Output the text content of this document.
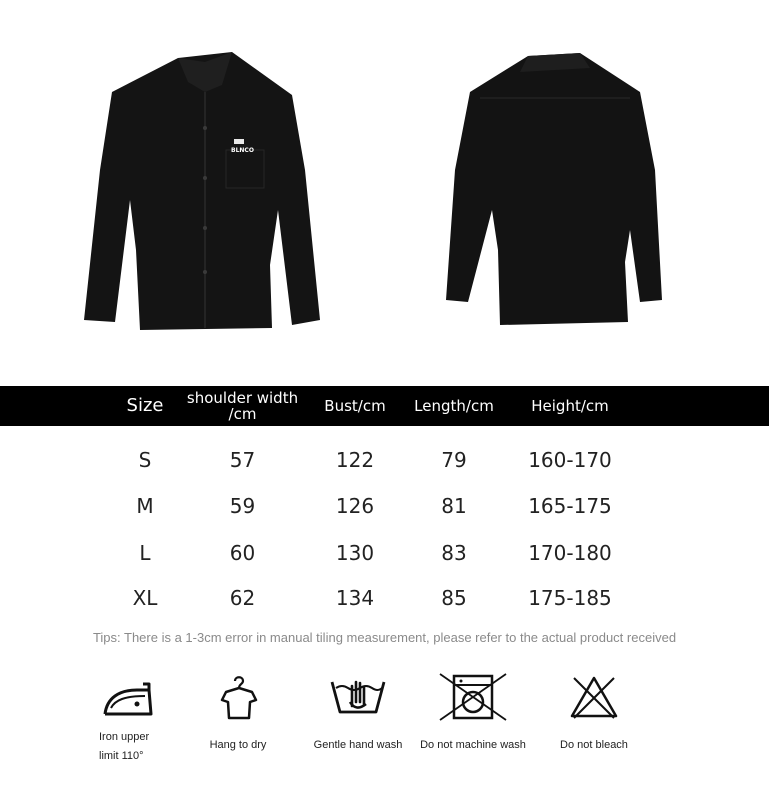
BLNCO
Size	shoulder width /cm	Bust/cm	Length/cm	Height/cm
S	57	122	79	160-170
M	59	126	81	165-175
L	60	130	83	170-180
XL	62	134	85	175-185
Tips: There is a 1-3cm error in manual tiling measurement, please refer to the actual product received
Iron upper
limit 110°
Hang to dry	Gentle hand wash	Do not machine wash	Do not bleach
